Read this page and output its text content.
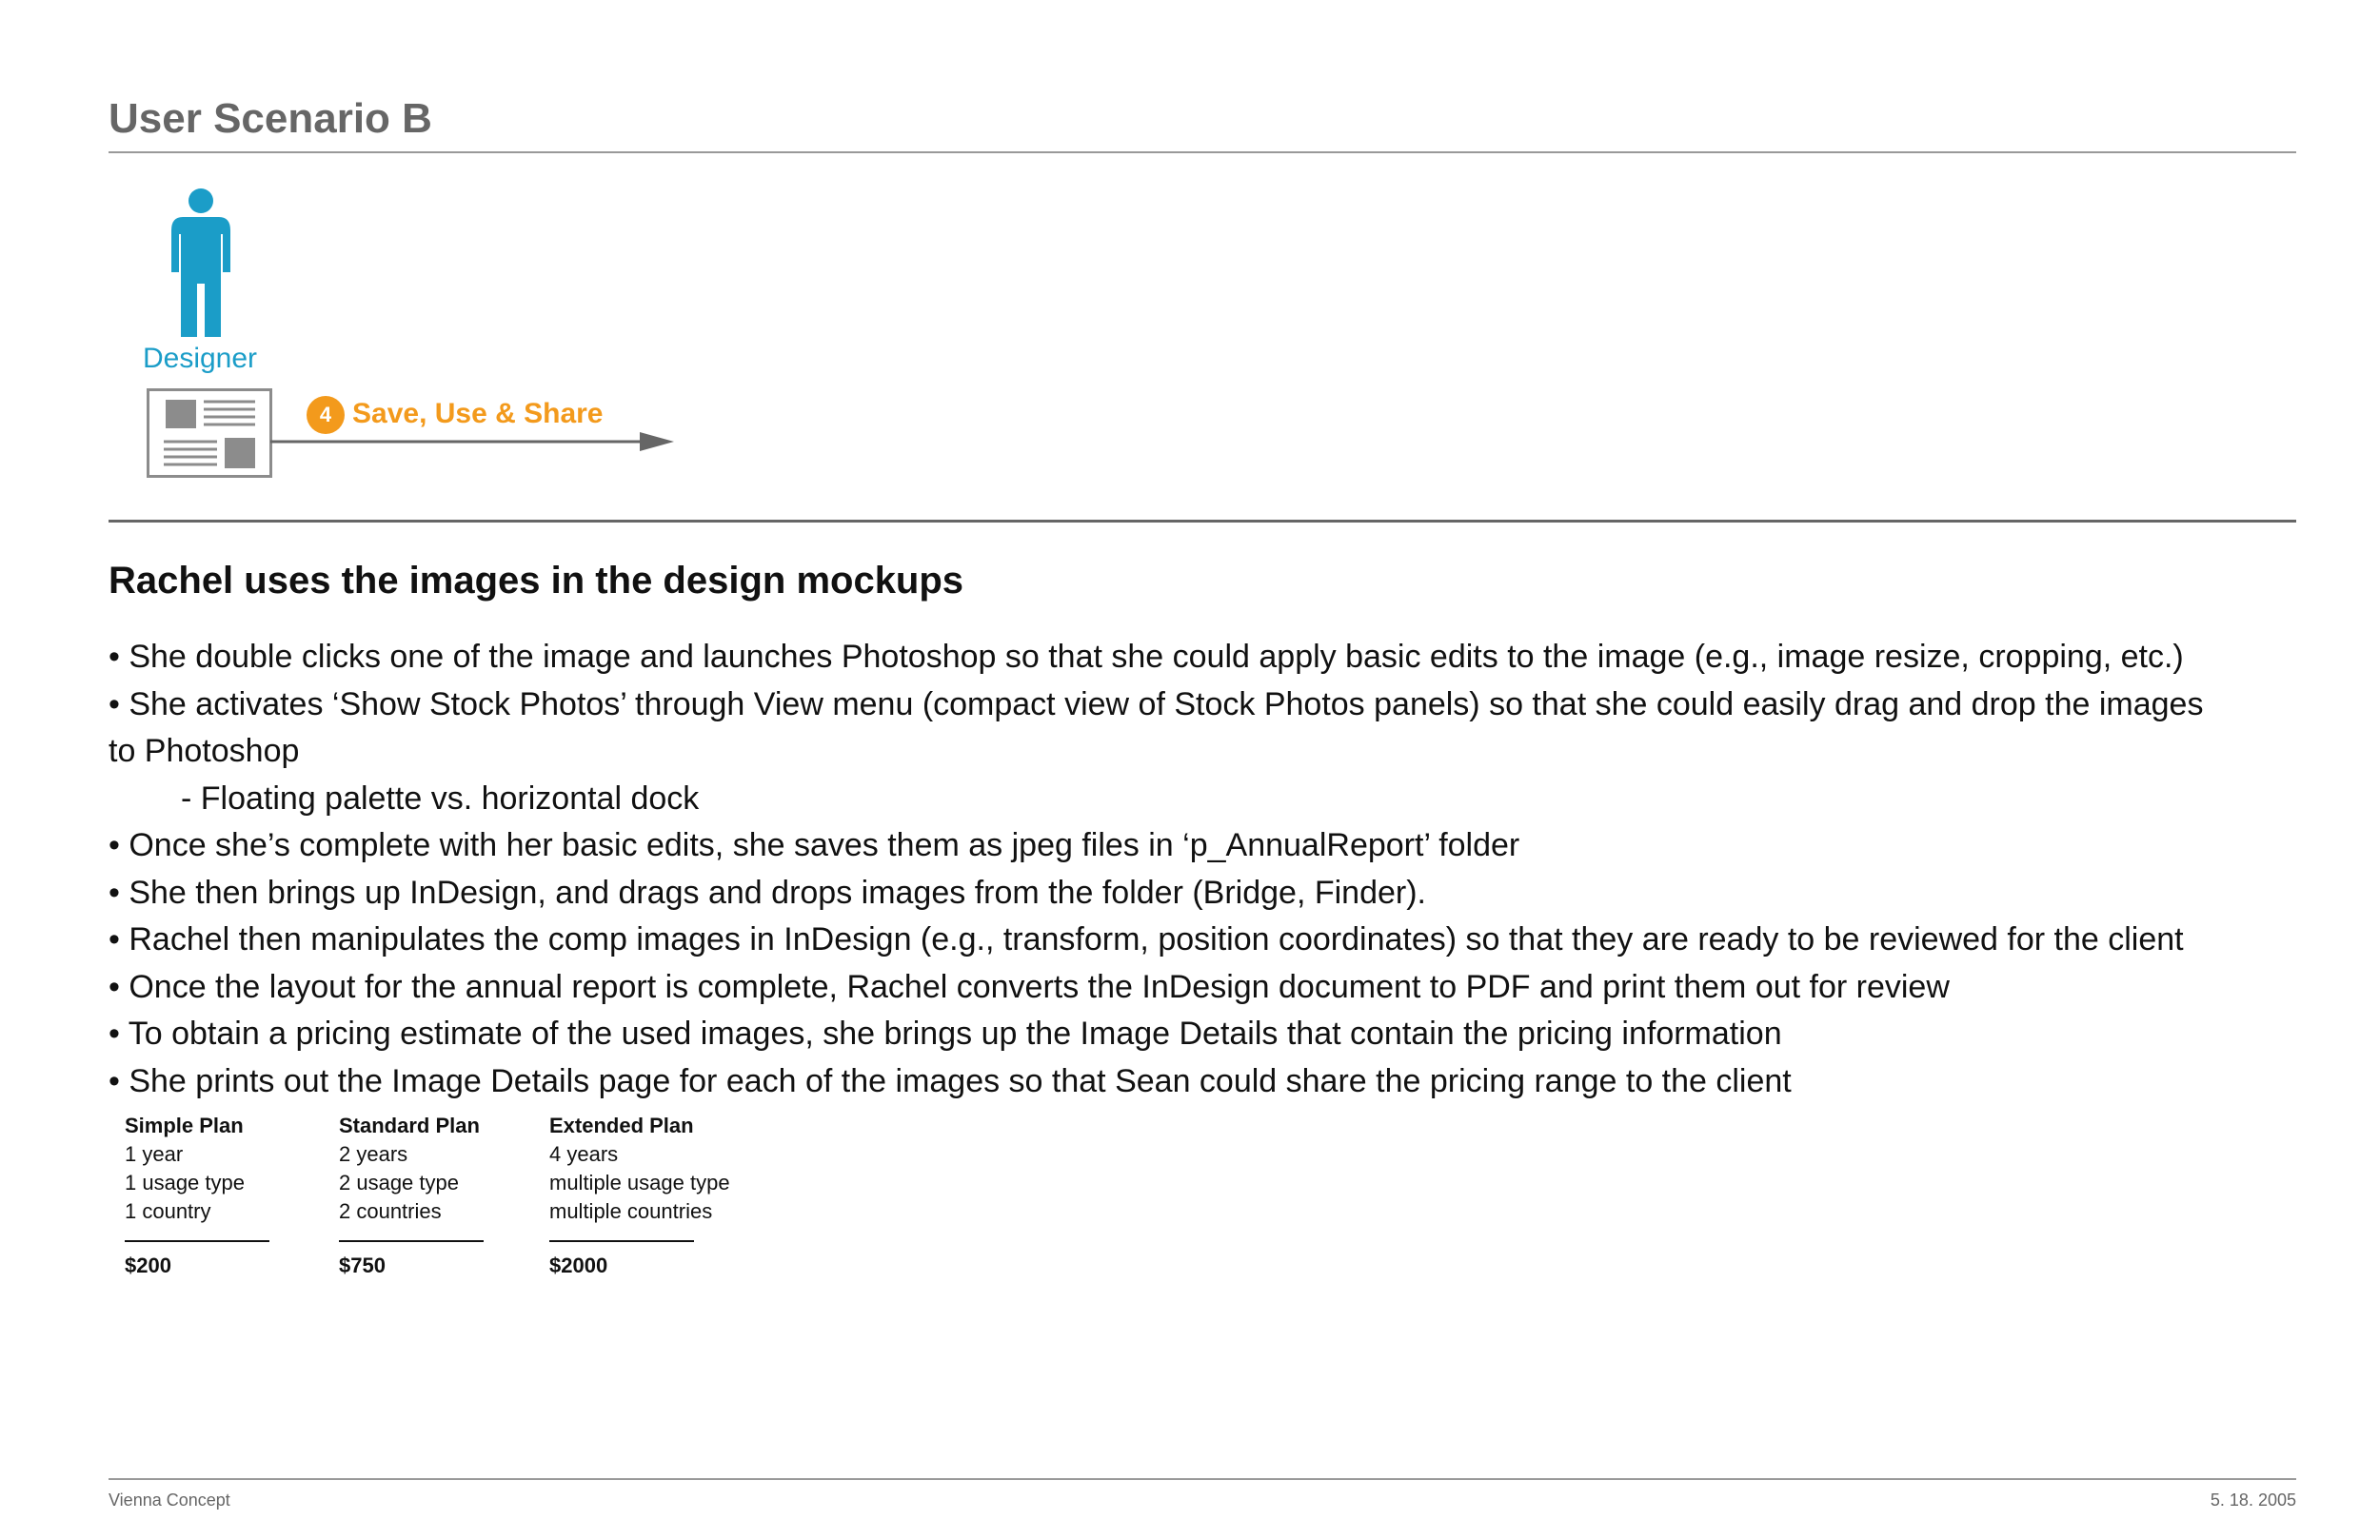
User Scenario B
Designer
4 Save, Use & Share
Rachel uses the images in the design mockups
• She double clicks one of the image and launches Photoshop so that she could apply basic edits to the image (e.g., image resize, cropping, etc.)
• She activates ‘Show Stock Photos’ through View menu (compact view of Stock Photos panels) so that she could easily drag and drop the images
to Photoshop
- Floating palette vs. horizontal dock
• Once she’s complete with her basic edits, she saves them as jpeg files in ‘p_AnnualReport’ folder
• She then brings up InDesign, and drags and drops images from the folder (Bridge, Finder).
• Rachel then manipulates the comp images in InDesign (e.g., transform, position coordinates) so that they are ready to be reviewed for the client
• Once the layout for the annual report is complete, Rachel converts the InDesign document to PDF and print them out for review
• To obtain a pricing estimate of the used images, she brings up the Image Details that contain the pricing information
• She prints out the Image Details page for each of the images so that Sean could share the pricing range to the client
Simple Plan
1 year
1 usage type
1 country
$200
Standard Plan
2 years
2 usage type
2 countries
$750
Extended Plan
4 years
multiple usage type
multiple countries
$2000
Vienna Concept	5. 18. 2005
